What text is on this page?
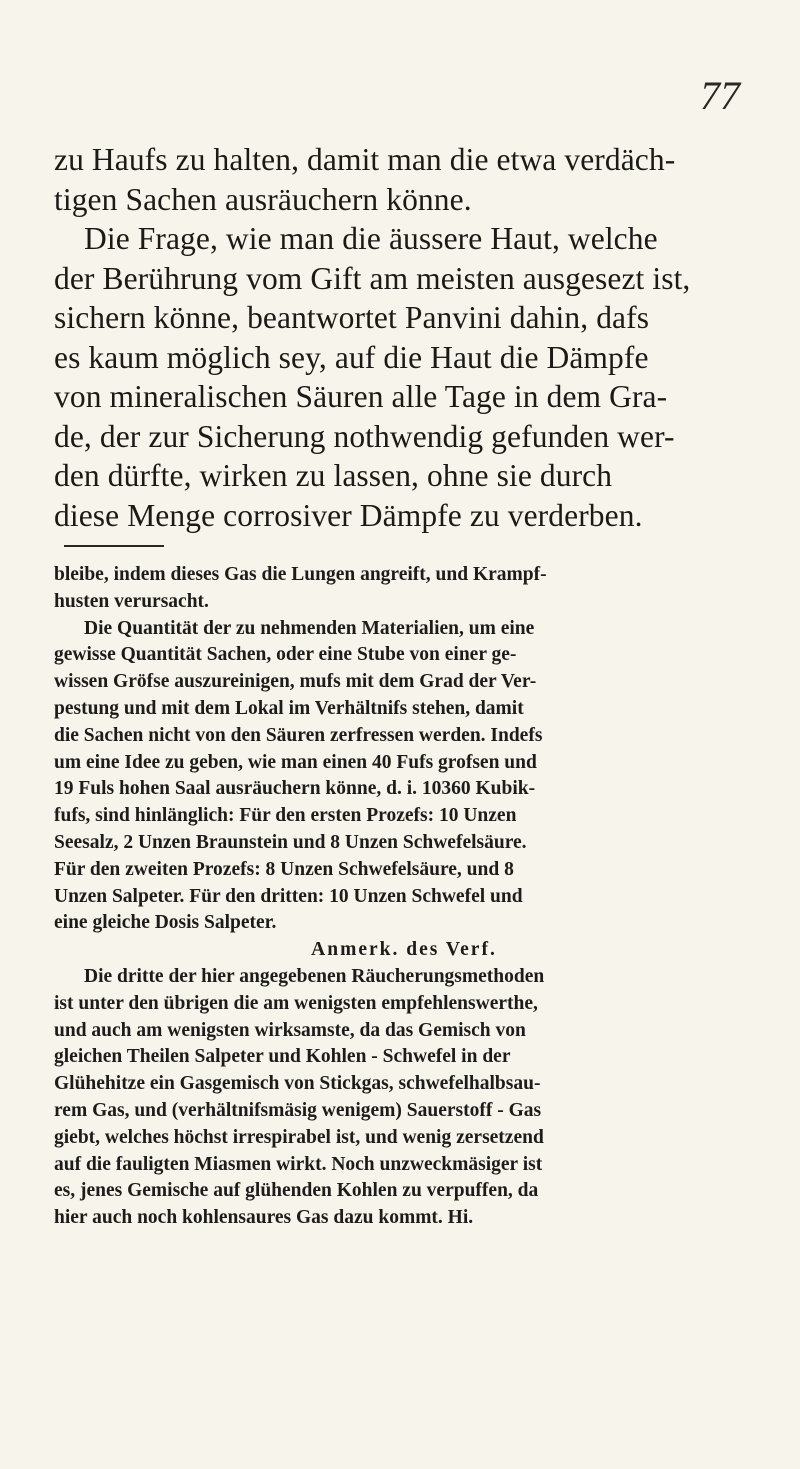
77
zu Haufs zu halten, damit man die etwa verdäch-
tigen Sachen ausräuchern könne.
Die Frage, wie man die äussere Haut, welche
der Berührung vom Gift am meisten ausgesezt ist,
sichern könne, beantwortet Panvini dahin, dafs
es kaum möglich sey, auf die Haut die Dämpfe
von mineralischen Säuren alle Tage in dem Gra-
de, der zur Sicherung nothwendig gefunden wer-
den dürfte, wirken zu lassen, ohne sie durch
diese Menge corrosiver Dämpfe zu verderben.
bleibe, indem dieses Gas die Lungen angreift, und Krampf-
husten verursacht.
Die Quantität der zu nehmenden Materialien, um eine
gewisse Quantität Sachen, oder eine Stube von einer ge-
wissen Gröfse auszureinigen, mufs mit dem Grad der Ver-
pestung und mit dem Lokal im Verhältnifs stehen, damit
die Sachen nicht von den Säuren zerfressen werden. Indefs
um eine Idee zu geben, wie man einen 40 Fufs grofsen und
19 Fuls hohen Saal ausräuchern könne, d. i. 10360 Kubik-
fufs, sind hinlänglich: Für den ersten Prozefs: 10 Unzen
Seesalz, 2 Unzen Braunstein und 8 Unzen Schwefelsäure.
Für den zweiten Prozefs: 8 Unzen Schwefelsäure, und 8
Unzen Salpeter. Für den dritten: 10 Unzen Schwefel und
eine gleiche Dosis Salpeter.
Anmerk. des Verf.
Die dritte der hier angegebenen Räucherungsmethoden
ist unter den übrigen die am wenigsten empfehlenswerthe,
und auch am wenigsten wirksamste, da das Gemisch von
gleichen Theilen Salpeter und Kohlen - Schwefel in der
Glühehitze ein Gasgemisch von Stickgas, schwefelhalbsau-
rem Gas, und (verhältnifsmäsig wenigem) Sauerstoff - Gas
giebt, welches höchst irrespirabel ist, und wenig zersetzend
auf die fauligten Miasmen wirkt. Noch unzweckmäsiger ist
es, jenes Gemische auf glühenden Kohlen zu verpuffen, da
hier auch noch kohlensaures Gas dazu kommt. Hi.
